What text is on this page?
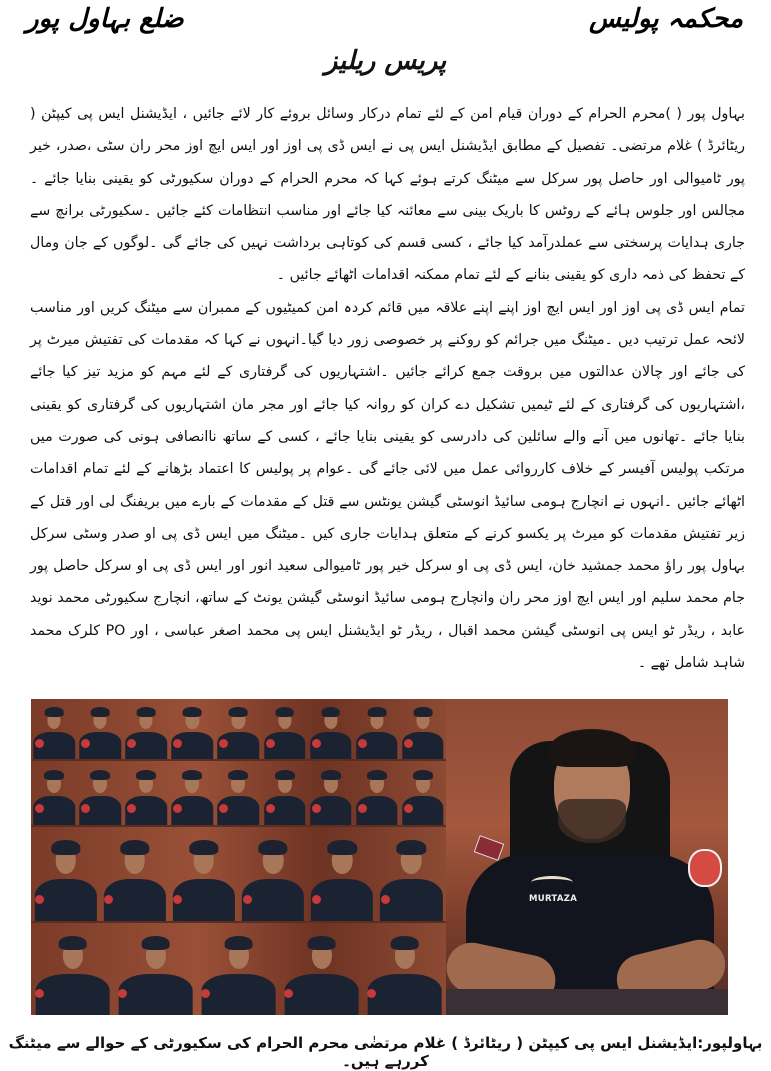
محکمہ پولیس
ضلع بہاول پور
پریس ریلیز

بہاول پور ( )محرم الحرام کے دوران قیام امن کے لئے تمام درکار وسائل بروئے کار لائے جائیں ، ایڈیشنل ایس پی کیپٹن ( ریٹائرڈ ) غلام مرتضی۔ تفصیل کے مطابق ایڈیشنل ایس پی نے ایس ڈی پی اوز اور ایس ایچ اوز محر ران سٹی ،صدر، خیر پور ٹامیوالی اور حاصل پور سرکل سے میٹنگ کرتے ہوئے کہا کہ محرم الحرام کے دوران سکیورٹی کو یقینی بنایا جائے ۔مجالس اور جلوس ہائے کے روٹس کا باریک بینی سے معائنہ کیا جائے اور مناسب انتظامات کئے جائیں ۔سکیورٹی برانچ سے جاری ہدایات پرسختی سے عملدرآمد کیا جائے ، کسی قسم کی کوتاہی برداشت نہیں کی جائے گی ۔لوگوں کے جان ومال کے تحفظ کی ذمہ داری کو یقینی بنانے کے لئے تمام ممکنہ اقدامات اٹھائے جائیں ۔

تمام ایس ڈی پی اوز اور ایس ایچ اوز اپنے اپنے علاقہ میں قائم کردہ امن کمیٹیوں کے ممبران سے میٹنگ کریں اور مناسب لائحہ عمل ترتیب دیں ۔میٹنگ میں جرائم کو روکنے پر خصوصی زور دیا گیا۔انہوں نے کہا کہ مقدمات کی تفتیش میرٹ پر کی جائے اور چالان عدالتوں میں بروقت جمع کرائے جائیں ۔اشتہاریوں کی گرفتاری کے لئے مہم کو مزید تیز کیا جائے ،اشتہاریوں کی گرفتاری کے لئے ٹیمیں تشکیل دے کران کو روانہ کیا جائے اور مجر مان اشتہاریوں کی گرفتاری کو یقینی بنایا جائے ۔تھانوں میں آنے والے سائلین کی دادرسی کو یقینی بنایا جائے ، کسی کے ساتھ ناانصافی ہونی کی صورت میں مرتکب پولیس آفیسر کے خلاف کارروائی عمل میں لائی جائے گی ۔عوام پر پولیس کا اعتماد بڑھانے کے لئے تمام اقدامات اٹھائے جائیں ۔انہوں نے انچارج ہومی سائیڈ انوسٹی گیشن یونٹس سے قتل کے مقدمات کے بارے میں بریفنگ لی اور قتل کے زیر تفتیش مقدمات کو میرٹ پر یکسو کرنے کے متعلق ہدایات جاری کیں ۔میٹنگ میں ایس ڈی پی او صدر وسٹی سرکل بہاول پور راؤ محمد جمشید خان، ایس ڈی پی او سرکل خیر پور ٹامیوالی سعید انور اور ایس ڈی پی او سرکل حاصل پور جام محمد سلیم اور ایس ایچ اوز محر ران وانچارج ہومی سائیڈ انوسٹی گیشن یونٹ کے ساتھ، انچارج سکیورٹی محمد نوید عابد ، ریڈر ٹو ایس پی انوسٹی گیشن محمد اقبال ، ریڈر ٹو ایڈیشنل ایس پی محمد اصغر عباسی ، اور PO کلرک محمد شاہد شامل تھے ۔

MURTAZA
بہاولپور:ایڈیشنل ایس پی کیپٹن ( ریٹائرڈ ) غلام مرتضٰی محرم الحرام کی سکیورٹی کے حوالے سے میٹنگ کررہے ہیں۔
